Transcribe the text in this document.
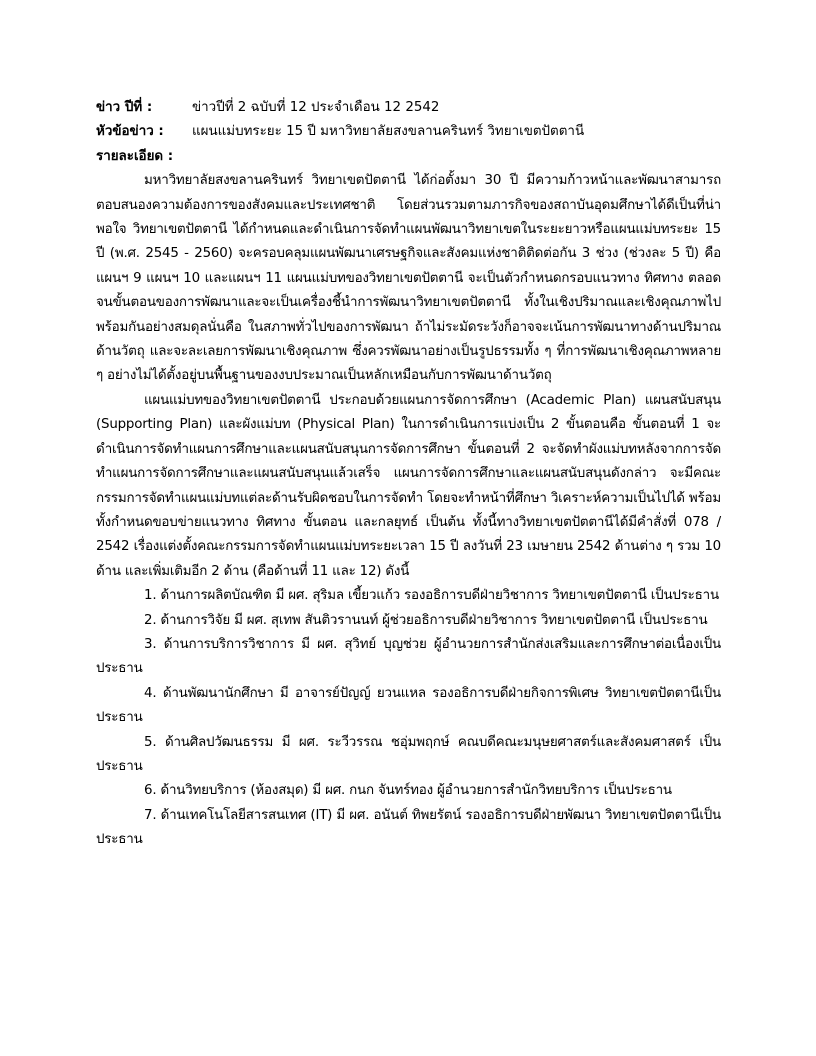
ข่าว ปีที่ :	ข่าวปีที่ 2 ฉบับที่ 12 ประจำเดือน 12 2542
หัวข้อข่าว :	แผนแม่บทระยะ 15 ปี มหาวิทยาลัยสงขลานครินทร์ วิทยาเขตปัตตานี
รายละเอียด :

มหาวิทยาลัยสงขลานครินทร์ วิทยาเขตปัตตานี ได้ก่อตั้งมา 30 ปี มีความก้าวหน้าและพัฒนาสามารถตอบสนองความต้องการของสังคมและประเทศชาติ โดยส่วนรวมตามภารกิจของสถาบันอุดมศึกษาได้ดีเป็นที่น่าพอใจ วิทยาเขตปัตตานี ได้กำหนดและดำเนินการจัดทำแผนพัฒนาวิทยาเขตในระยะยาวหรือแผนแม่บทระยะ 15 ปี (พ.ศ. 2545 - 2560) จะครอบคลุมแผนพัฒนาเศรษฐกิจและสังคมแห่งชาติติดต่อกัน 3 ช่วง (ช่วงละ 5 ปี) คือแผนฯ 9 แผนฯ 10 และแผนฯ 11 แผนแม่บทของวิทยาเขตปัตตานี จะเป็นตัวกำหนดกรอบแนวทาง ทิศทาง ตลอดจนขั้นตอนของการพัฒนาและจะเป็นเครื่องชี้นำการพัฒนาวิทยาเขตปัตตานี ทั้งในเชิงปริมาณและเชิงคุณภาพไปพร้อมกันอย่างสมดุลนั่นคือ ในสภาพทั่วไปของการพัฒนา ถ้าไม่ระมัดระวังก็อาจจะเน้นการพัฒนาทางด้านปริมาณ ด้านวัตถุ และจะละเลยการพัฒนาเชิงคุณภาพ ซึ่งควรพัฒนาอย่างเป็นรูปธรรมทั้ง ๆ ที่การพัฒนาเชิงคุณภาพหลาย ๆ อย่างไม่ได้ตั้งอยู่บนพื้นฐานของงบประมาณเป็นหลักเหมือนกับการพัฒนาด้านวัตถุ

แผนแม่บทของวิทยาเขตปัตตานี ประกอบด้วยแผนการจัดการศึกษา (Academic Plan) แผนสนับสนุน (Supporting Plan) และผังแม่บท (Physical Plan) ในการดำเนินการแบ่งเป็น 2 ขั้นตอนคือ ขั้นตอนที่ 1 จะดำเนินการจัดทำแผนการศึกษาและแผนสนับสนุนการจัดการศึกษา ขั้นตอนที่ 2 จะจัดทำผังแม่บทหลังจากการจัดทำแผนการจัดการศึกษาและแผนสนับสนุนแล้วเสร็จ แผนการจัดการศึกษาและแผนสนับสนุนดังกล่าว จะมีคณะกรรมการจัดทำแผนแม่บทแต่ละด้านรับผิดชอบในการจัดทำ โดยจะทำหน้าที่ศึกษา วิเคราะห์ความเป็นไปได้ พร้อมทั้งกำหนดขอบข่ายแนวทาง ทิศทาง ขั้นตอน และกลยุทธ์ เป็นต้น ทั้งนี้ทางวิทยาเขตปัตตานีได้มีคำสั่งที่ 078 / 2542 เรื่องแต่งตั้งคณะกรรมการจัดทำแผนแม่บทระยะเวลา 15 ปี ลงวันที่ 23 เมษายน 2542 ด้านต่าง ๆ รวม 10 ด้าน และเพิ่มเติมอีก 2 ด้าน (คือด้านที่ 11 และ 12) ดังนี้

1. ด้านการผลิตบัณฑิต มี ผศ. สุริมล เขี้ยวแก้ว รองอธิการบดีฝ่ายวิชาการ วิทยาเขตปัตตานี เป็นประธาน

2. ด้านการวิจัย มี ผศ. สุเทพ สันติวรานนท์ ผู้ช่วยอธิการบดีฝ่ายวิชาการ วิทยาเขตปัตตานี เป็นประธาน

3. ด้านการบริการวิชาการ มี ผศ. สุวิทย์ บุญช่วย ผู้อำนวยการสำนักส่งเสริมและการศึกษาต่อเนื่องเป็นประธาน

4. ด้านพัฒนานักศึกษา มี อาจารย์ปัญญ์ ยวนแหล รองอธิการบดีฝ่ายกิจการพิเศษ วิทยาเขตปัตตานีเป็นประธาน

5. ด้านศิลปวัฒนธรรม มี ผศ. ระวีวรรณ ชอุ่มพฤกษ์ คณบดีคณะมนุษยศาสตร์และสังคมศาสตร์ เป็นประธาน

6. ด้านวิทยบริการ (ห้องสมุด) มี ผศ. กนก จันทร์ทอง ผู้อำนวยการสำนักวิทยบริการ เป็นประธาน

7. ด้านเทคโนโลยีสารสนเทศ (IT) มี ผศ. อนันต์ ทิพยรัตน์ รองอธิการบดีฝ่ายพัฒนา วิทยาเขตปัตตานีเป็นประธาน
